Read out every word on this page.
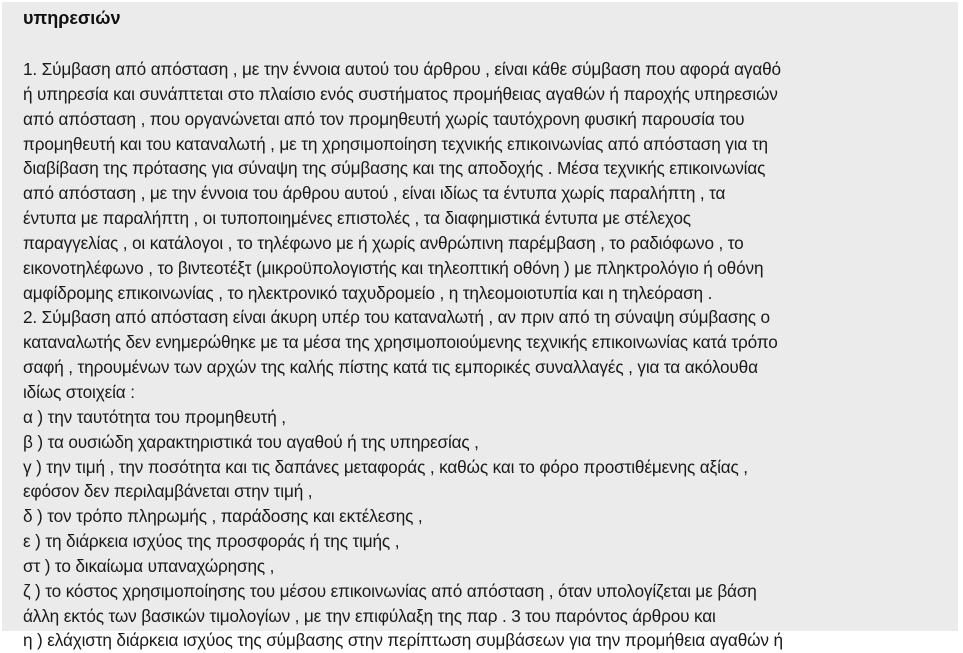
υπηρεσιών
1. Σύμβαση από απόσταση , με την έννοια αυτού του άρθρου , είναι κάθε σύμβαση που αφορά αγαθό
ή υπηρεσία και συνάπτεται στο πλαίσιο ενός συστήματος προμήθειας αγαθών ή παροχής υπηρεσιών
από απόσταση , που οργανώνεται από τον προμηθευτή χωρίς ταυτόχρονη φυσική παρουσία του
προμηθευτή και του καταναλωτή , με τη χρησιμοποίηση τεχνικής επικοινωνίας από απόσταση για τη
διαβίβαση της πρότασης για σύναψη της σύμβασης και της αποδοχής . Μέσα τεχνικής επικοινωνίας
από απόσταση , με την έννοια του άρθρου αυτού , είναι ιδίως τα έντυπα χωρίς παραλήπτη , τα
έντυπα με παραλήπτη , οι τυποποιημένες επιστολές , τα διαφημιστικά έντυπα με στέλεχος
παραγγελίας , οι κατάλογοι , το τηλέφωνο με ή χωρίς ανθρώπινη παρέμβαση , το ραδιόφωνο , το
εικονοτηλέφωνο , το βιντεοτέξτ (μικροϋπολογιστής και τηλεοπτική οθόνη ) με πληκτρολόγιο ή οθόνη
αμφίδρομης επικοινωνίας , το ηλεκτρονικό ταχυδρομείο , η τηλεομοιοτυπία και η τηλεόραση .
2. Σύμβαση από απόσταση είναι άκυρη υπέρ του καταναλωτή , αν πριν από τη σύναψη σύμβασης ο
καταναλωτής δεν ενημερώθηκε με τα μέσα της χρησιμοποιούμενης τεχνικής επικοινωνίας κατά τρόπο
σαφή , τηρουμένων των αρχών της καλής πίστης κατά τις εμπορικές συναλλαγές , για τα ακόλουθα
ιδίως στοιχεία :
α ) την ταυτότητα του προμηθευτή ,
β ) τα ουσιώδη χαρακτηριστικά του αγαθού ή της υπηρεσίας ,
γ ) την τιμή , την ποσότητα και τις δαπάνες μεταφοράς , καθώς και το φόρο προστιθέμενης αξίας ,
εφόσον δεν περιλαμβάνεται στην τιμή ,
δ ) τον τρόπο πληρωμής , παράδοσης και εκτέλεσης ,
ε ) τη διάρκεια ισχύος της προσφοράς ή της τιμής ,
στ ) το δικαίωμα υπαναχώρησης ,
ζ ) το κόστος χρησιμοποίησης του μέσου επικοινωνίας από απόσταση , όταν υπολογίζεται με βάση
άλλη εκτός των βασικών τιμολογίων , με την επιφύλαξη της παρ . 3 του παρόντος άρθρου και
η ) ελάχιστη διάρκεια ισχύος της σύμβασης στην περίπτωση συμβάσεων για την προμήθεια αγαθών ή
